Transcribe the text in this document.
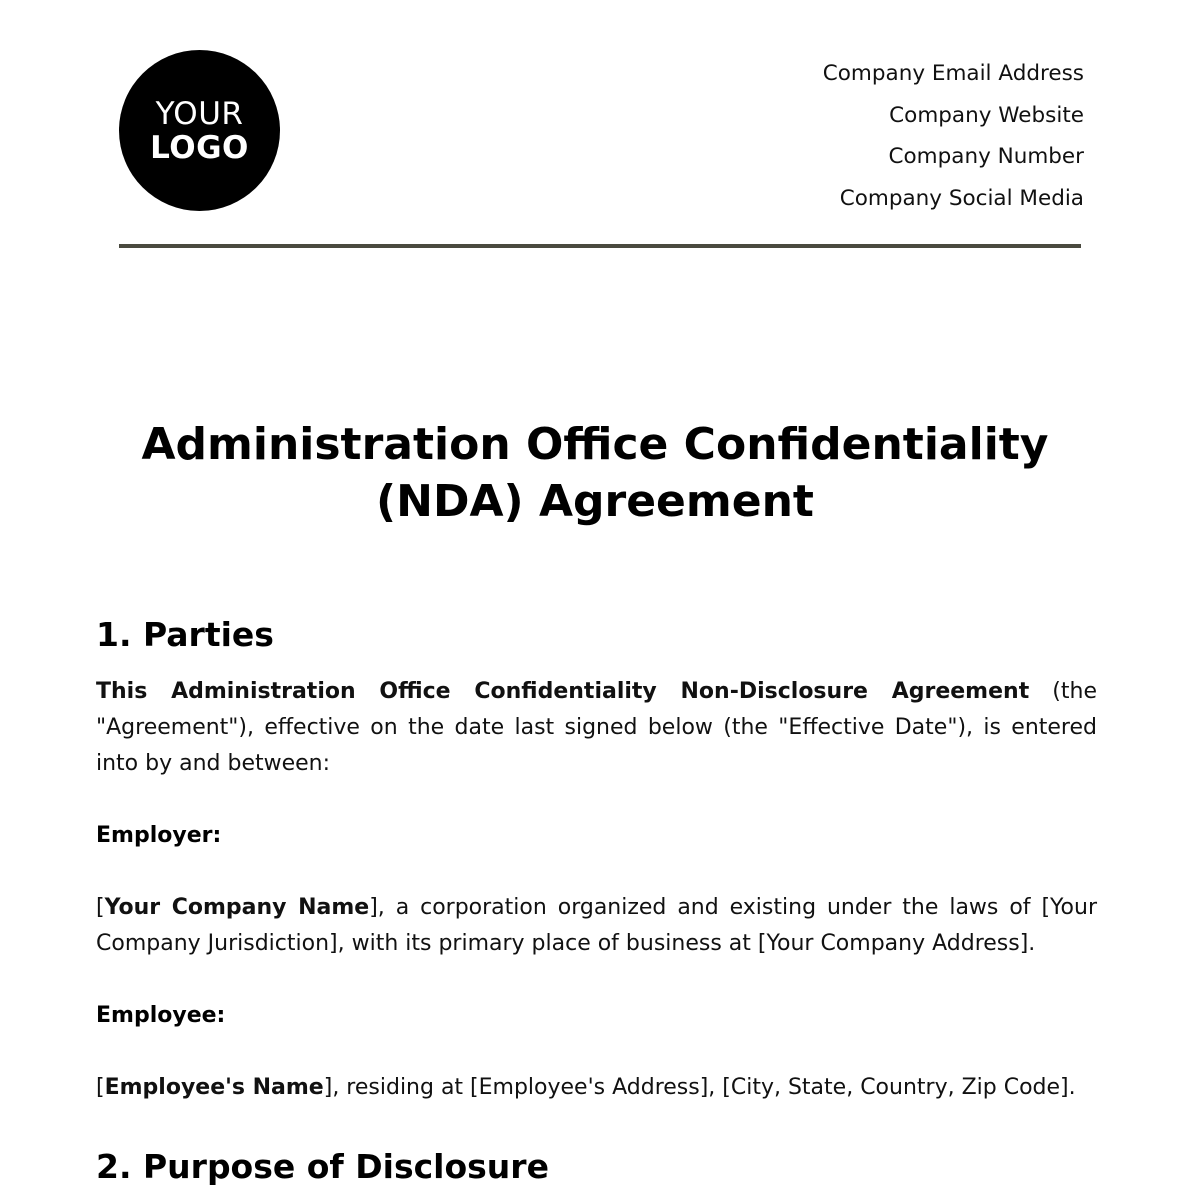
YOUR
LOGO
Company Email Address
Company Website
Company Number
Company Social Media
Administration Office Confidentiality
(NDA) Agreement
1. Parties

This Administration Office Confidentiality Non-Disclosure Agreement (the "Agreement"), effective on the date last signed below (the "Effective Date"), is entered into by and between:

Employer:

[Your Company Name], a corporation organized and existing under the laws of [Your Company Jurisdiction], with its primary place of business at [Your Company Address].

Employee:

[Employee's Name], residing at [Employee's Address], [City, State, Country, Zip Code].

2. Purpose of Disclosure
